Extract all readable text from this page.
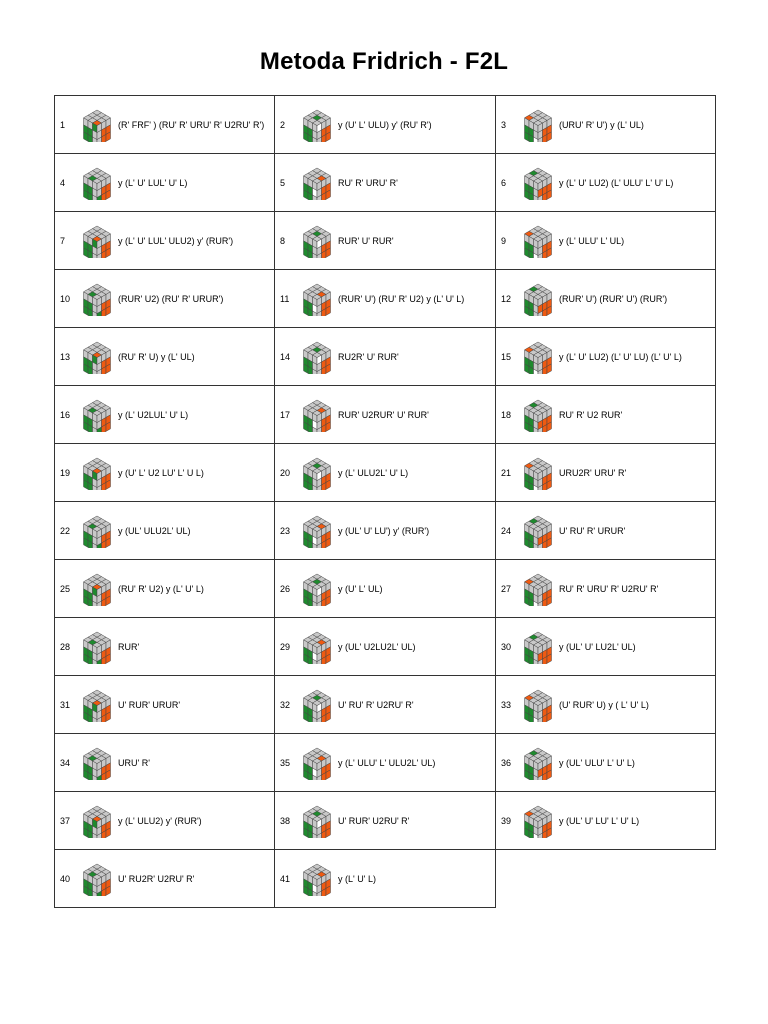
Metoda Fridrich - F2L
1	(R' FRF' ) (RU' R' URU' R' U2RU' R')	2	y (U' L' ULU) y' (RU' R')	3	(URU' R' U') y (L' UL)
4	y (L' U' LUL' U' L)	5	RU' R' URU' R'	6	y (L' U' LU2) (L' ULU' L' U' L)
7	y (L' U' LUL' ULU2) y' (RUR')	8	RUR' U' RUR'	9	y (L' ULU' L' UL)
10	(RUR' U2) (RU' R' URUR')	11	(RUR' U') (RU' R' U2) y (L' U' L)	12	(RUR' U') (RUR' U') (RUR')
13	(RU' R' U) y (L' UL)	14	RU2R' U' RUR'	15	y (L' U' LU2) (L' U' LU) (L' U' L)
16	y (L' U2LUL' U' L)	17	RUR' U2RUR' U' RUR'	18	RU' R' U2 RUR'
19	y (U' L' U2 LU' L' U L)	20	y (L' ULU2L' U' L)	21	URU2R' URU' R'
22	y (UL' ULU2L' UL)	23	y (UL' U' LU') y' (RUR')	24	U' RU' R' URUR'
25	(RU' R' U2) y (L' U' L)	26	y (U' L' UL)	27	RU' R' URU' R' U2RU' R'
28	RUR'	29	y (UL' U2LU2L' UL)	30	y (UL' U' LU2L' UL)
31	U' RUR' URUR'	32	U' RU' R' U2RU' R'	33	(U' RUR' U) y ( L' U' L)
34	URU' R'	35	y (L' ULU' L' ULU2L' UL)	36	y (UL' ULU' L' U' L)
37	y (L' ULU2) y' (RUR')	38	U' RUR' U2RU' R'	39	y (UL' U' LU' L' U' L)
40	U' RU2R' U2RU' R'	41	y (L' U' L)
